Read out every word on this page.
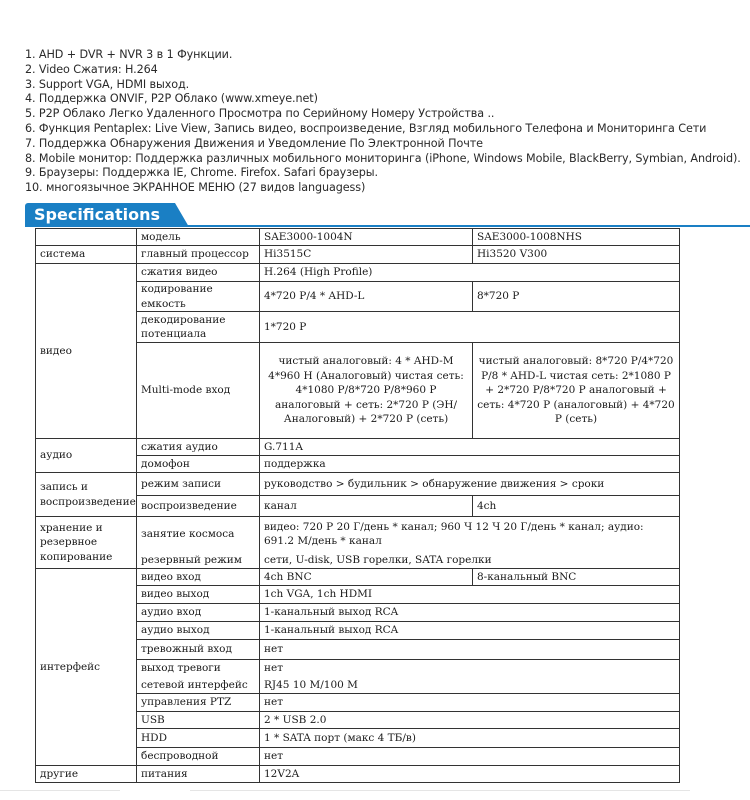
1. AHD + DVR + NVR 3 в 1 Функции.
2. Video Сжатия: H.264
3. Support VGA, HDMI выход.
4. Поддержка ONVIF, P2P Облако (www.xmeye.net)
5. P2P Облако Легко Удаленного Просмотра по Серийному Номеру Устройства ..
6. Функция Pentaplex: Live View, Запись видео, воспроизведение, Взгляд мобильного Телефона и Мониторинга Сети
7. Поддержка Обнаружения Движения и Уведомление По Электронной Почте
8. Mobile монитор: Поддержка различных мобильного мониторинга (iPhone, Windows Mobile, BlackBerry, Symbian, Android).
9. Браузеры: Поддержка IE, Chrome. Firefox. Safari браузеры.
10. многоязычное ЭКРАННОЕ МЕНЮ (27 видов languagess)
Specifications
	модель	SAE3000-1004N	SAE3000-1008NHS
система	главный процессор	Hi3515C	Hi3520 V300
видео	сжатия видео	H.264 (High Profile)	
	кодирование емкость	4*720 P/4 * AHD-L	8*720 P
	декодирование потенциала	1*720 P	
	Multi-mode вход	чистый аналоговый: 4 * AHD-M 4*960 H (Аналоговый) чистая сеть: 4*1080 P/8*720 P/8*960 P аналоговый + сеть: 2*720 P (ЭН/Аналоговый) + 2*720 P (сеть)	чистый аналоговый: 8*720 P/4*720 P/8 * AHD-L чистая сеть: 2*1080 P + 2*720 P/8*720 P аналоговый + сеть: 4*720 P (аналоговый) + 4*720 P (сеть)
аудио	сжатия аудио	G.711A	
	домофон	поддержка	
запись и воспроизведение	режим записи	руководство > будильник > обнаружение движения > сроки	
	воспроизведение	канал	4ch
хранение и резервное копирование	занятие космоса	видео: 720 P 20 Г/день * канал; 960 Ч 12 Ч 20 Г/день * канал; аудио: 691.2 М/день * канал	
	резервный режим	сети, U-disk, USB горелки, SATA горелки	
интерфейс	видео вход	4ch BNC	8-канальный BNC
	видео выход	1ch VGA, 1ch HDMI	
	аудио вход	1-канальный выход RCA	
	аудио выход	1-канальный выход RCA	
	тревожный вход	нет	
	выход тревоги	нет	
	сетевой интерфейс	RJ45 10 M/100 M	
	управления PTZ	нет	
	USB	2 * USB 2.0	
	HDD	1 * SATA порт (макс 4 ТБ/в)	
	беспроводной	нет	
другие	питания	12V2A	
